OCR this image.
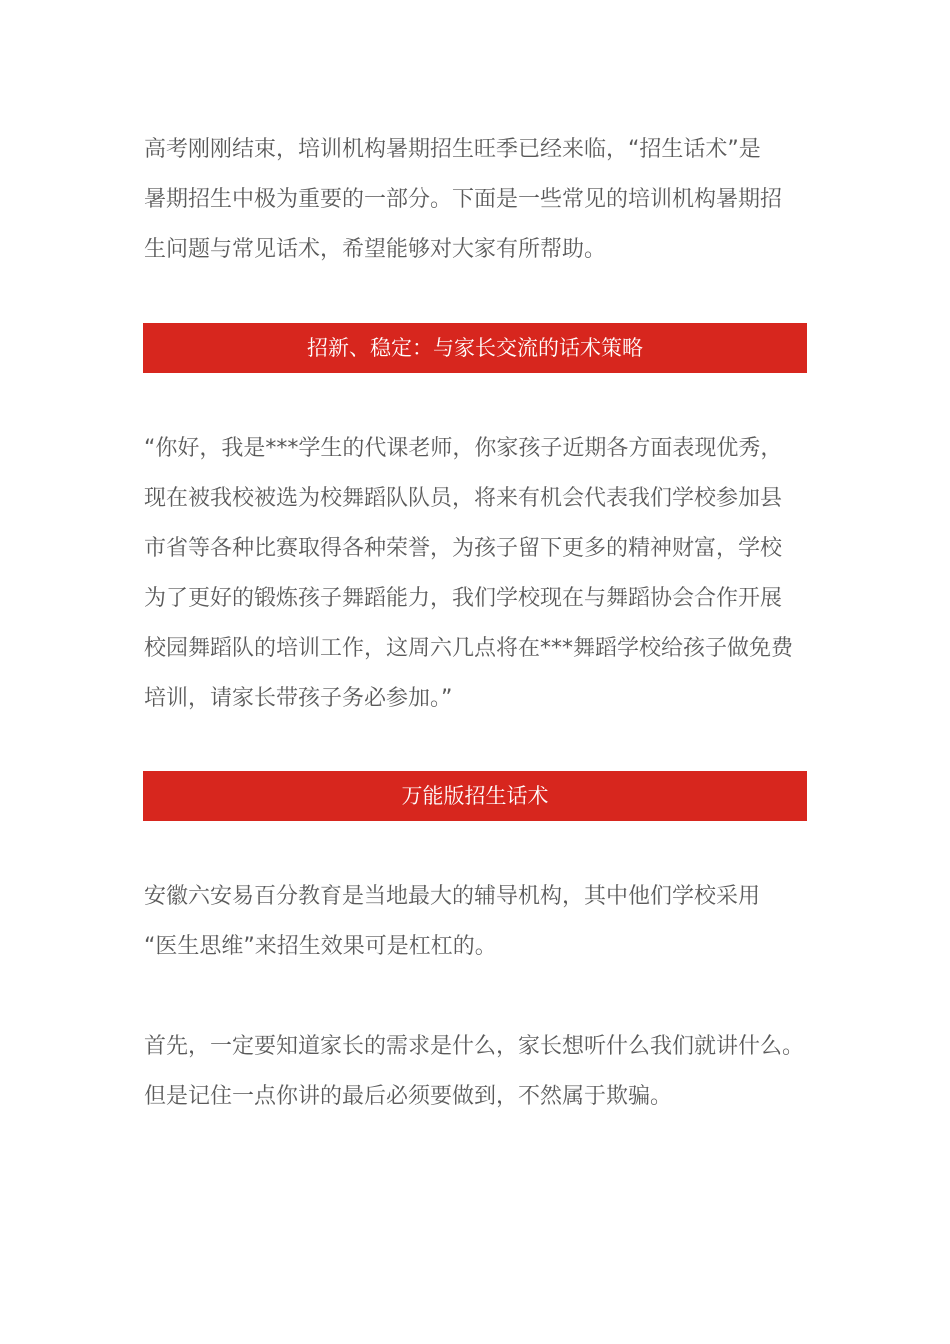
高考刚刚结束，培训机构暑期招生旺季已经来临，“招生话术”是
暑期招生中极为重要的一部分。下面是一些常见的培训机构暑期招
生问题与常见话术，希望能够对大家有所帮助。

招新、稳定：与家长交流的话术策略

“你好，我是***学生的代课老师，你家孩子近期各方面表现优秀，
现在被我校被选为校舞蹈队队员，将来有机会代表我们学校参加县
市省等各种比赛取得各种荣誉，为孩子留下更多的精神财富，学校
为了更好的锻炼孩子舞蹈能力，我们学校现在与舞蹈协会合作开展
校园舞蹈队的培训工作，这周六几点将在***舞蹈学校给孩子做免费
培训，请家长带孩子务必参加。”

万能版招生话术

安徽六安易百分教育是当地最大的辅导机构，其中他们学校采用
“医生思维”来招生效果可是杠杠的。

首先，一定要知道家长的需求是什么，家长想听什么我们就讲什么。
但是记住一点你讲的最后必须要做到，不然属于欺骗。
